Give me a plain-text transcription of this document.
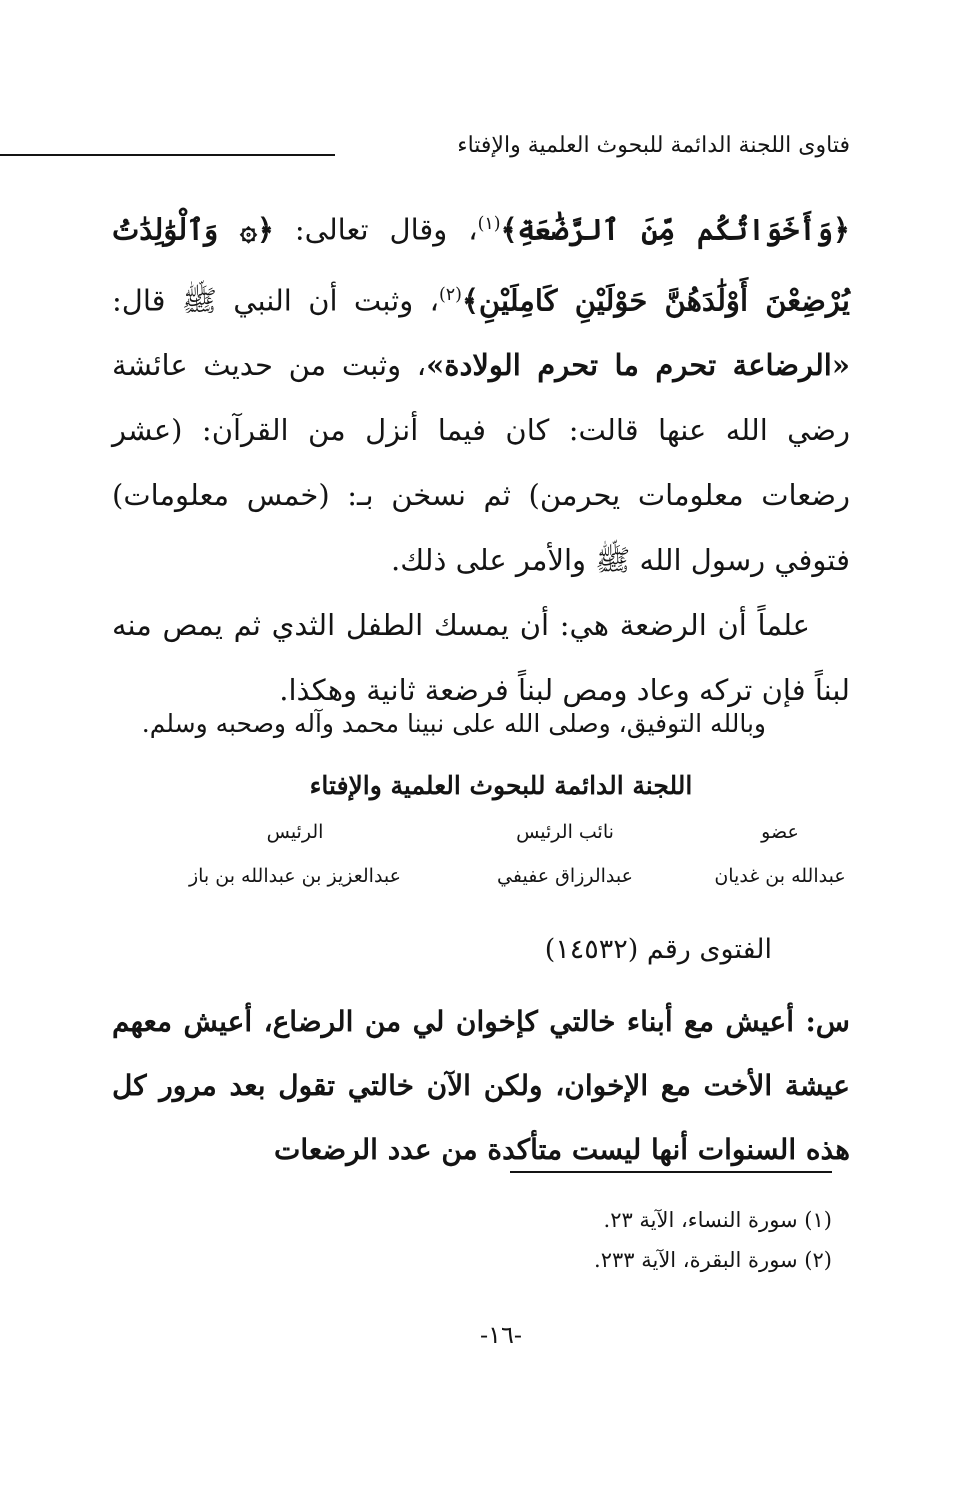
فتاوى اللجنة الدائمة للبحوث العلمية والإفتاء

﴿وَأَخَوَاتُكُم مِّنَ ٱلرَّضَٰعَةِ﴾$^{(١)}$، وقال تعالى: ﴿۞ وَٱلْوَٰلِدَٰتُ يُرْضِعْنَ أَوْلَٰدَهُنَّ حَوْلَيْنِ كَامِلَيْنِ﴾$^{(٢)}$، وثبت أن النبي ﷺ قال: «الرضاعة تحرم ما تحرم الولادة»، وثبت من حديث عائشة رضي الله عنها قالت: كان فيما أنزل من القرآن: (عشر رضعات معلومات يحرمن) ثم نسخن بـ: (خمس معلومات) فتوفي رسول الله ﷺ والأمر على ذلك.

علماً أن الرضعة هي: أن يمسك الطفل الثدي ثم يمص منه لبناً فإن تركه وعاد ومص لبناً فرضعة ثانية وهكذا.

وبالله التوفيق، وصلى الله على نبينا محمد وآله وصحبه وسلم.
اللجنة الدائمة للبحوث العلمية والإفتاء
عضو
عبدالله بن غديان
نائب الرئيس
عبدالرزاق عفيفي
الرئيس
عبدالعزيز بن عبدالله بن باز
الفتوى رقم (١٤٥٣٢)

س: أعيش مع أبناء خالتي كإخوان لي من الرضاع، أعيش معهم عيشة الأخت مع الإخوان، ولكن الآن خالتي تقول بعد مرور كل هذه السنوات أنها ليست متأكدة من عدد الرضعات

(١) سورة النساء، الآية ٢٣.
(٢) سورة البقرة، الآية ٢٣٣.
-١٦-
